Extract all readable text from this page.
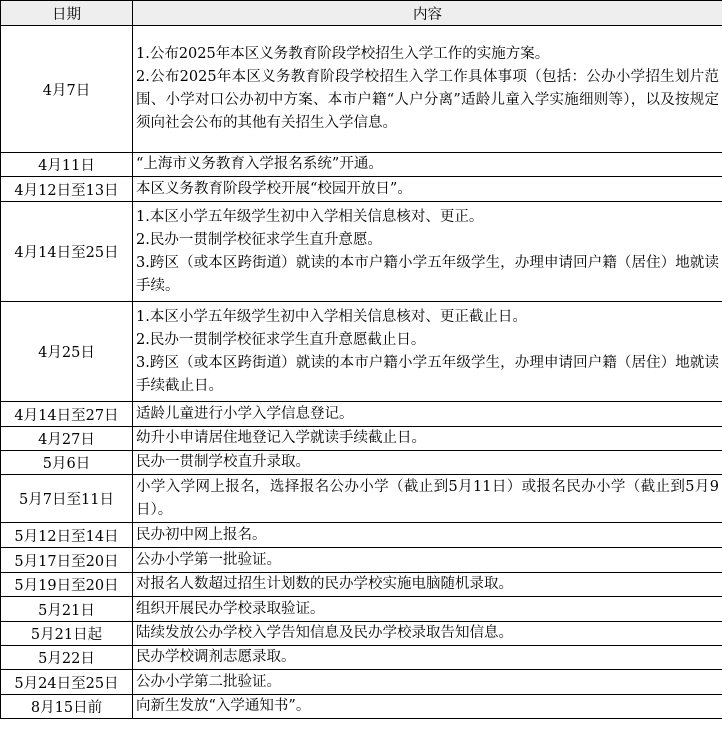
日期	内容
4月7日	1.公布2025年本区义务教育阶段学校招生入学工作的实施方案。
2.公布2025年本区义务教育阶段学校招生入学工作具体事项（包括：公办小学招生划片范围、小学对口公办初中方案、本市户籍“人户分离”适龄儿童入学实施细则等），以及按规定须向社会公布的其他有关招生入学信息。

4月11日	“上海市义务教育入学报名系统”开通。

4月12日至13日	本区义务教育阶段学校开展“校园开放日”。

4月14日至25日	1.本区小学五年级学生初中入学相关信息核对、更正。
2.民办一贯制学校征求学生直升意愿。
3.跨区（或本区跨街道）就读的本市户籍小学五年级学生，办理申请回户籍（居住）地就读手续。

4月25日	1.本区小学五年级学生初中入学相关信息核对、更正截止日。
2.民办一贯制学校征求学生直升意愿截止日。
3.跨区（或本区跨街道）就读的本市户籍小学五年级学生，办理申请回户籍（居住）地就读手续截止日。

4月14日至27日	适龄儿童进行小学入学信息登记。

4月27日	幼升小申请居住地登记入学就读手续截止日。

5月6日	民办一贯制学校直升录取。

5月7日至11日	小学入学网上报名，选择报名公办小学（截止到5月11日）或报名民办小学（截止到5月9日）。

5月12日至14日	民办初中网上报名。

5月17日至20日	公办小学第一批验证。

5月19日至20日	对报名人数超过招生计划数的民办学校实施电脑随机录取。

5月21日	组织开展民办学校录取验证。

5月21日起	陆续发放公办学校入学告知信息及民办学校录取告知信息。

5月22日	民办学校调剂志愿录取。

5月24日至25日	公办小学第二批验证。

8月15日前	向新生发放“入学通知书”。
